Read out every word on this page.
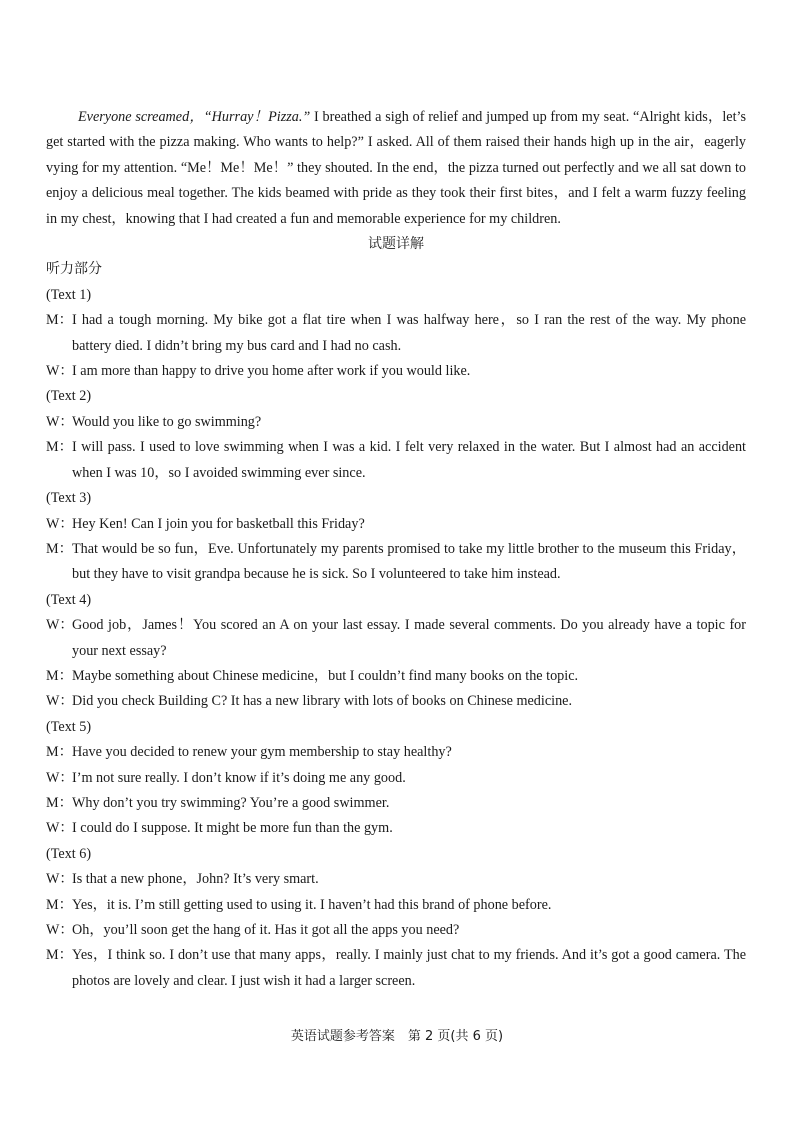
Everyone screamed，“Hurray！Pizza.” I breathed a sigh of relief and jumped up from my seat. “Alright kids，let’s get started with the pizza making. Who wants to help?” I asked. All of them raised their hands high up in the air，eagerly vying for my attention. “Me！Me！Me！” they shouted. In the end，the pizza turned out perfectly and we all sat down to enjoy a delicious meal together. The kids beamed with pride as they took their first bites，and I felt a warm fuzzy feeling in my chest，knowing that I had created a fun and memorable experience for my children.

试题详解

听力部分

(Text 1)

M：I had a tough morning. My bike got a flat tire when I was halfway here，so I ran the rest of the way. My phone battery died. I didn’t bring my bus card and I had no cash.

W：I am more than happy to drive you home after work if you would like.

(Text 2)

W：Would you like to go swimming?

M：I will pass. I used to love swimming when I was a kid. I felt very relaxed in the water. But I almost had an accident when I was 10，so I avoided swimming ever since.

(Text 3)

W：Hey Ken! Can I join you for basketball this Friday?

M：That would be so fun，Eve. Unfortunately my parents promised to take my little brother to the museum this Friday，but they have to visit grandpa because he is sick. So I volunteered to take him instead.

(Text 4)

W：Good job，James！You scored an A on your last essay. I made several comments. Do you already have a topic for your next essay?

M：Maybe something about Chinese medicine，but I couldn’t find many books on the topic.

W：Did you check Building C? It has a new library with lots of books on Chinese medicine.

(Text 5)

M：Have you decided to renew your gym membership to stay healthy?

W：I’m not sure really. I don’t know if it’s doing me any good.

M：Why don’t you try swimming? You’re a good swimmer.

W：I could do I suppose. It might be more fun than the gym.

(Text 6)

W：Is that a new phone，John? It’s very smart.

M：Yes，it is. I’m still getting used to using it. I haven’t had this brand of phone before.

W：Oh，you’ll soon get the hang of it. Has it got all the apps you need?

M：Yes，I think so. I don’t use that many apps，really. I mainly just chat to my friends. And it’s got a good camera. The photos are lovely and clear. I just wish it had a larger screen.

英语试题参考答案　第 2 页(共 6 页)
